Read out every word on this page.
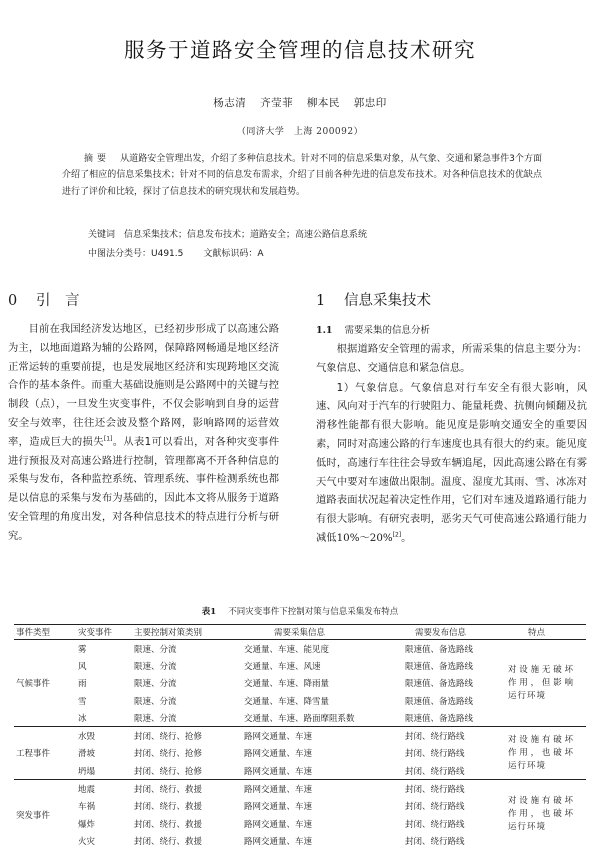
服务于道路安全管理的信息技术研究
杨志清 齐莹菲 柳本民 郭忠印
（同济大学　上海 200092）
摘要 从道路安全管理出发，介绍了多种信息技术。针对不同的信息采集对象，从气象、交通和紧急事件3个方面介绍了相应的信息采集技术；针对不同的信息发布需求，介绍了目前各种先进的信息发布技术。对各种信息技术的优缺点进行了评价和比较，探讨了信息技术的研究现状和发展趋势。
关键词　 信息采集技术；信息发布技术；道路安全；高速公路信息系统
中图法分类号：U491.5 文献标识码：A
0 引　言

目前在我国经济发达地区，已经初步形成了以高速公路为主，以地面道路为辅的公路网，保障路网畅通是地区经济正常运转的重要前提，也是发展地区经济和实现跨地区交流合作的基本条件。而重大基础设施则是公路网中的关键与控制段（点），一旦发生灾变事件，不仅会影响到自身的运营安全与效率，往往还会波及整个路网，影响路网的运营效率，造成巨大的损失[1]。从表1可以看出，对各种灾变事件进行预报及对高速公路进行控制，管理都离不开各种信息的采集与发布，各种监控系统、管理系统、事件检测系统也都是以信息的采集与发布为基础的，因此本文将从服务于道路安全管理的角度出发，对各种信息技术的特点进行分析与研究。

1 信息采集技术
1.1 需要采集的信息分析

根据道路安全管理的需求，所需采集的信息主要分为：气象信息、交通信息和紧急信息。

1）气象信息。气象信息对行车安全有很大影响，风速、风向对于汽车的行驶阻力、能量耗费、抗侧向倾翻及抗滑移性能都有很大影响。能见度是影响交通安全的重要因素，同时对高速公路的行车速度也具有很大的约束。能见度低时，高速行车往往会导致车辆追尾，因此高速公路在有雾天气中要对车速做出限制。温度、湿度尤其雨、雪、冰冻对道路表面状况起着决定性作用，它们对车速及道路通行能力有很大影响。有研究表明，恶劣天气可使高速公路通行能力减低10%～20%[2]。

表1 不同灾变事件下控制对策与信息采集发布特点
事件类型	灾变事件	主要控制对策类别	需要采集信息	需要发布信息	特点
气候事件	雾	限速、分流	交通量、车速、能见度	限速值、备选路线	对设施无破坏作用，但影响运行环境
	风	限速、分流	交通量、车速、风速	限速值、备选路线	
	雨	限速、分流	交通量、车速、降雨量	限速值、备选路线	
	雪	限速、分流	交通量、车速、降雪量	限速值、备选路线	
	冰	限速、分流	交通量、车速、路面摩阻系数	限速值、备选路线	
工程事件	水毁	封闭、绕行、抢修	路网交通量、车速	封闭、绕行路线	对设施有破坏作用，也破坏运行环境
	滑坡	封闭、绕行、抢修	路网交通量、车速	封闭、绕行路线	
	坍塌	封闭、绕行、抢修	路网交通量、车速	封闭、绕行路线	
突发事件	地震	封闭、绕行、救援	路网交通量、车速	封闭、绕行路线	对设施有破坏作用，也破坏运行环境
	车祸	封闭、绕行、救援	路网交通量、车速	封闭、绕行路线	
	爆炸	封闭、绕行、救援	路网交通量、车速	封闭、绕行路线	
	火灾	封闭、绕行、救援	路网交通量、车速	封闭、绕行路线	
